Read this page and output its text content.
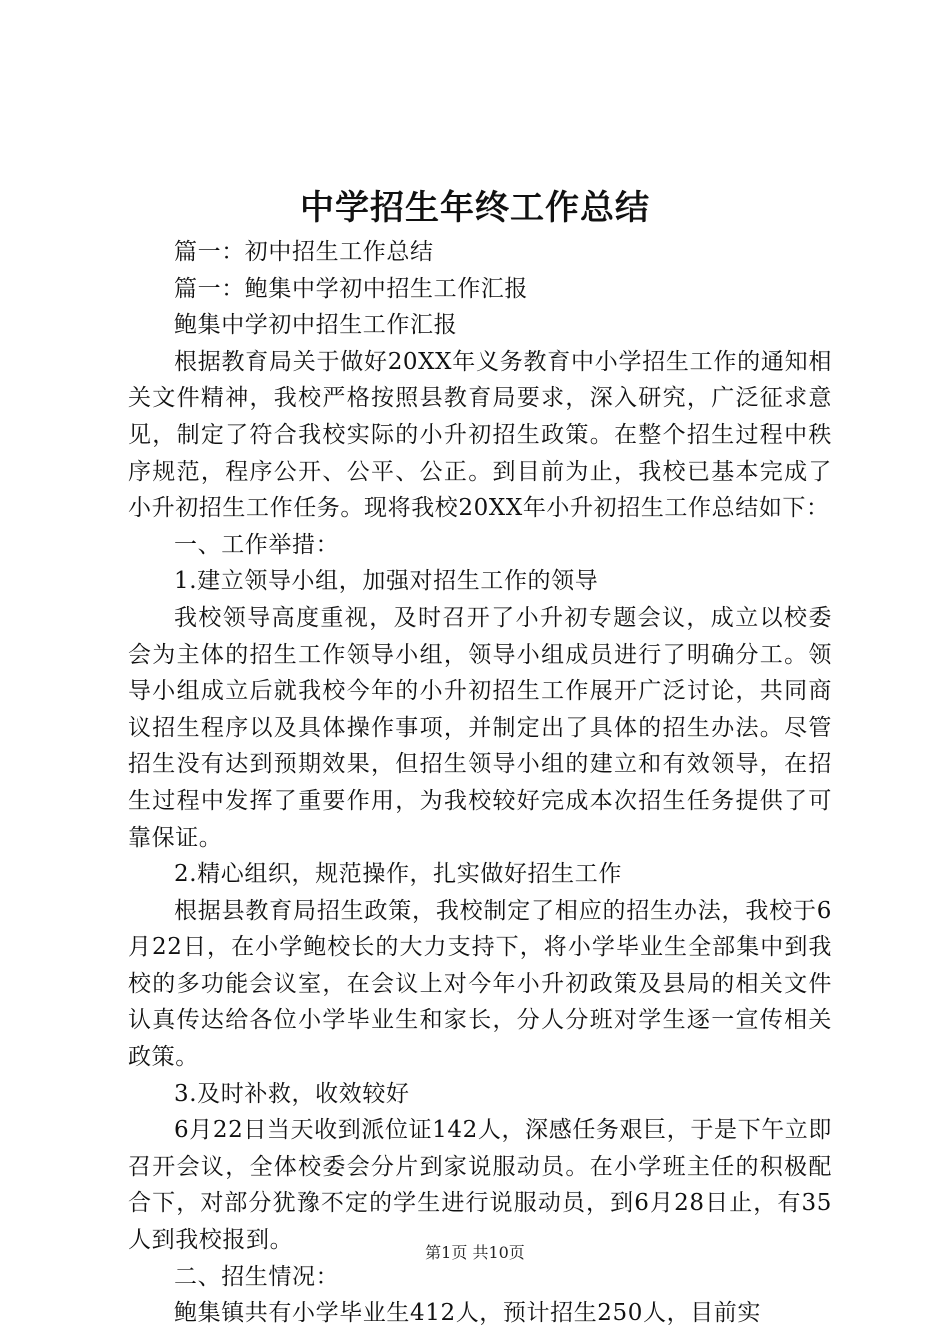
中学招生年终工作总结

篇一：初中招生工作总结

篇一：鲍集中学初中招生工作汇报

鲍集中学初中招生工作汇报

根据教育局关于做好20XX年义务教育中小学招生工作的通知相关文件精神，我校严格按照县教育局要求，深入研究，广泛征求意见，制定了符合我校实际的小升初招生政策。在整个招生过程中秩序规范，程序公开、公平、公正。到目前为止，我校已基本完成了小升初招生工作任务。现将我校20XX年小升初招生工作总结如下：

一、工作举措：

1.建立领导小组，加强对招生工作的领导

我校领导高度重视，及时召开了小升初专题会议，成立以校委会为主体的招生工作领导小组，领导小组成员进行了明确分工。领导小组成立后就我校今年的小升初招生工作展开广泛讨论，共同商议招生程序以及具体操作事项，并制定出了具体的招生办法。尽管招生没有达到预期效果，但招生领导小组的建立和有效领导，在招生过程中发挥了重要作用，为我校较好完成本次招生任务提供了可靠保证。

2.精心组织，规范操作，扎实做好招生工作

根据县教育局招生政策，我校制定了相应的招生办法，我校于6月22日，在小学鲍校长的大力支持下，将小学毕业生全部集中到我校的多功能会议室，在会议上对今年小升初政策及县局的相关文件认真传达给各位小学毕业生和家长，分人分班对学生逐一宣传相关政策。

3.及时补救，收效较好

6月22日当天收到派位证142人，深感任务艰巨，于是下午立即召开会议，全体校委会分片到家说服动员。在小学班主任的积极配合下，对部分犹豫不定的学生进行说服动员，到6月28日止，有35人到我校报到。

二、招生情况：

鲍集镇共有小学毕业生412人，预计招生250人，目前实

第1页 共10页
